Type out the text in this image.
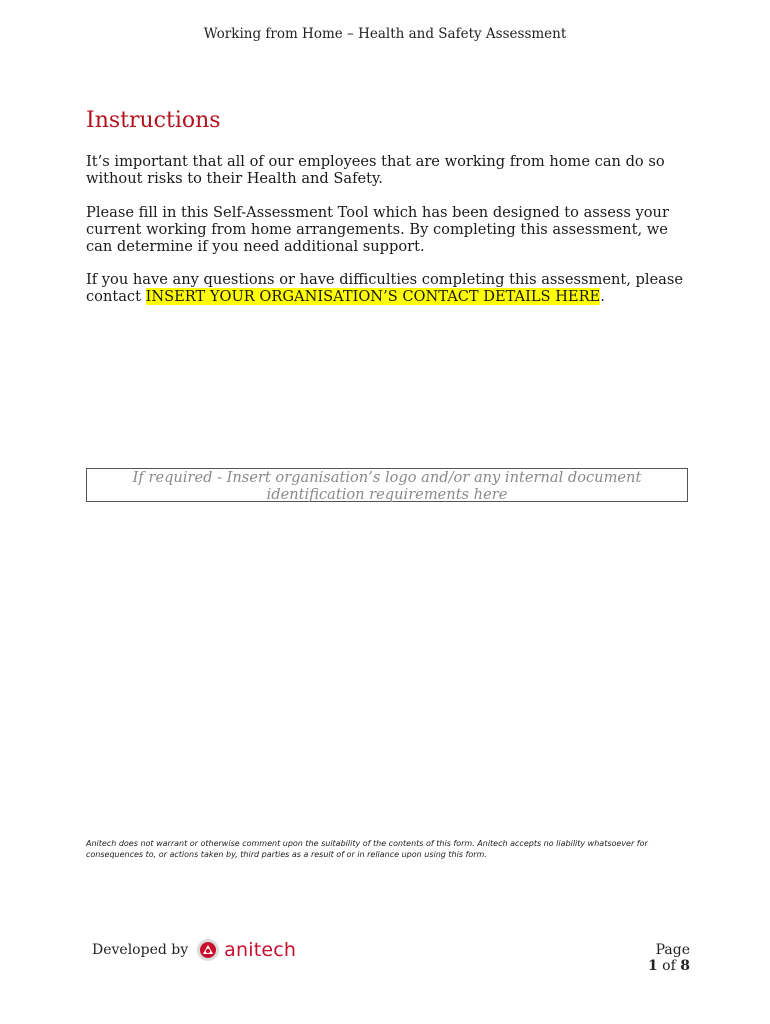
Working from Home – Health and Safety Assessment
Instructions

It’s important that all of our employees that are working from home can do so without risks to their Health and Safety.

Please fill in this Self-Assessment Tool which has been designed to assess your current working from home arrangements. By completing this assessment, we can determine if you need additional support.

If you have any questions or have difficulties completing this assessment, please contact INSERT YOUR ORGANISATION’S CONTACT DETAILS HERE.

If required - Insert organisation’s logo and/or any internal document identification requirements here

Anitech does not warrant or otherwise comment upon the suitability of the contents of this form. Anitech accepts no liability whatsoever for consequences to, or actions taken by, third parties as a result of or in reliance upon using this form.

Developed by anitech	Page
1 of 8
